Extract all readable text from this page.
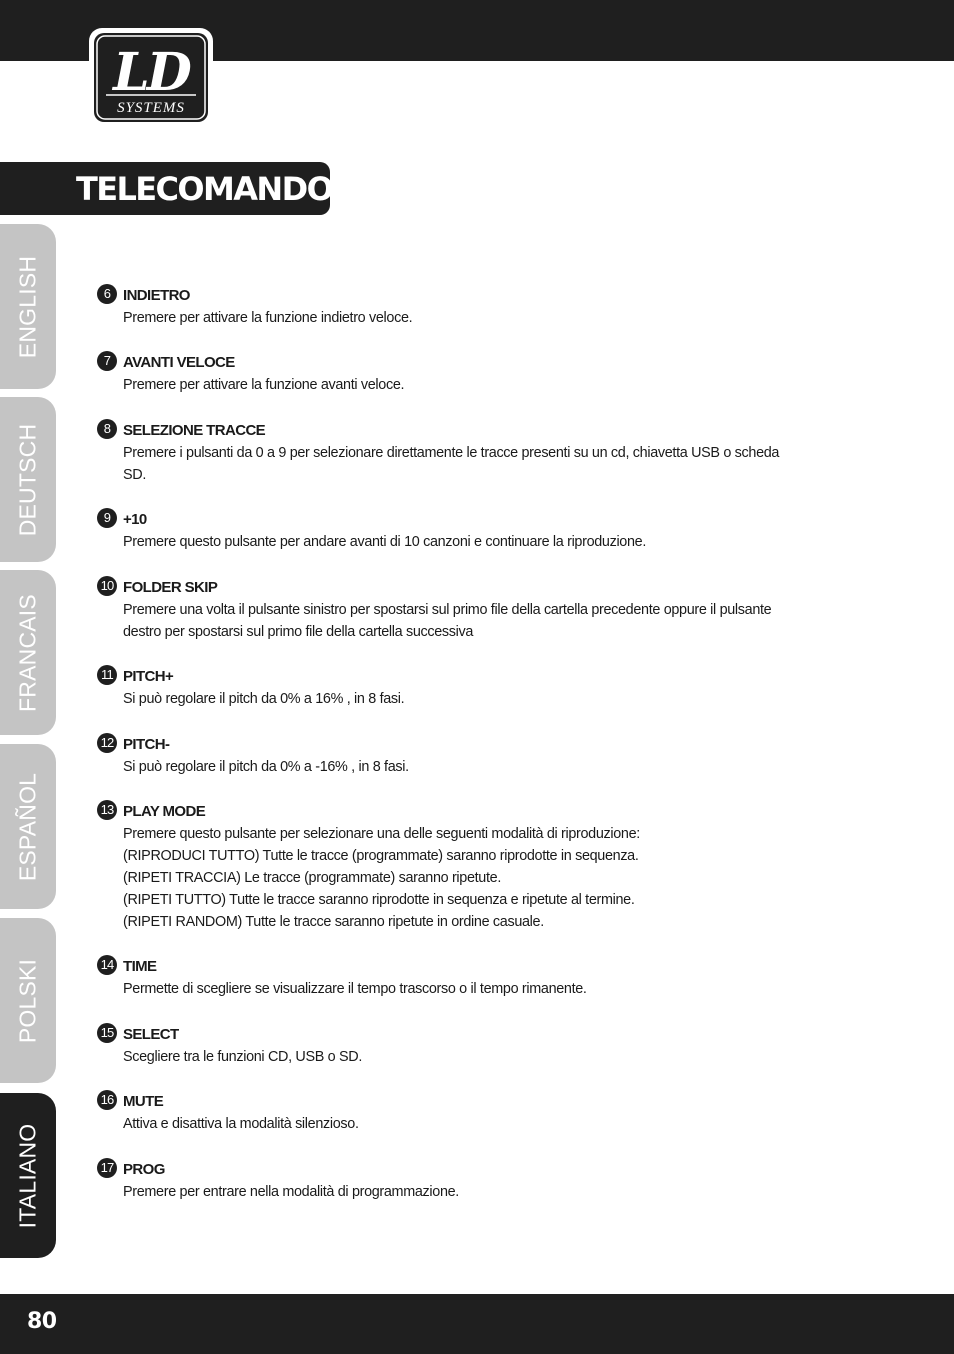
LD
SYSTEMS
TELECOMANDO:
ENGLISH
DEUTSCH
FRANCAIS
ESPAÑOL
POLSKI
ITALIANO
6 INDIETRO
Premere per attivare la funzione indietro veloce.
7 AVANTI VELOCE
Premere per attivare la funzione avanti veloce.
8 SELEZIONE TRACCE
Premere i pulsanti da 0 a 9 per selezionare direttamente le tracce presenti su un cd, chiavetta USB o scheda
SD.
9 +10
Premere questo pulsante per andare avanti di 10 canzoni e continuare la riproduzione.
10 FOLDER SKIP
Premere una volta il pulsante sinistro per spostarsi sul primo file della cartella precedente oppure il pulsante
destro per spostarsi sul primo file della cartella successiva
11 PITCH+
Si può regolare il pitch da 0% a 16% , in 8 fasi.
12 PITCH-
Si può regolare il pitch da 0% a -16% , in 8 fasi.
13 PLAY MODE
Premere questo pulsante per selezionare una delle seguenti modalità di riproduzione:
(RIPRODUCI TUTTO) Tutte le tracce (programmate) saranno riprodotte in sequenza.
(RIPETI TRACCIA) Le tracce (programmate) saranno ripetute.
(RIPETI TUTTO) Tutte le tracce saranno riprodotte in sequenza e ripetute al termine.
(RIPETI RANDOM) Tutte le tracce saranno ripetute in ordine casuale.
14 TIME
Permette di scegliere se visualizzare il tempo trascorso o il tempo rimanente.
15 SELECT
Scegliere tra le funzioni CD, USB o SD.
16 MUTE
Attiva e disattiva la modalità silenzioso.
17 PROG
Premere per entrare nella modalità di programmazione.
80
